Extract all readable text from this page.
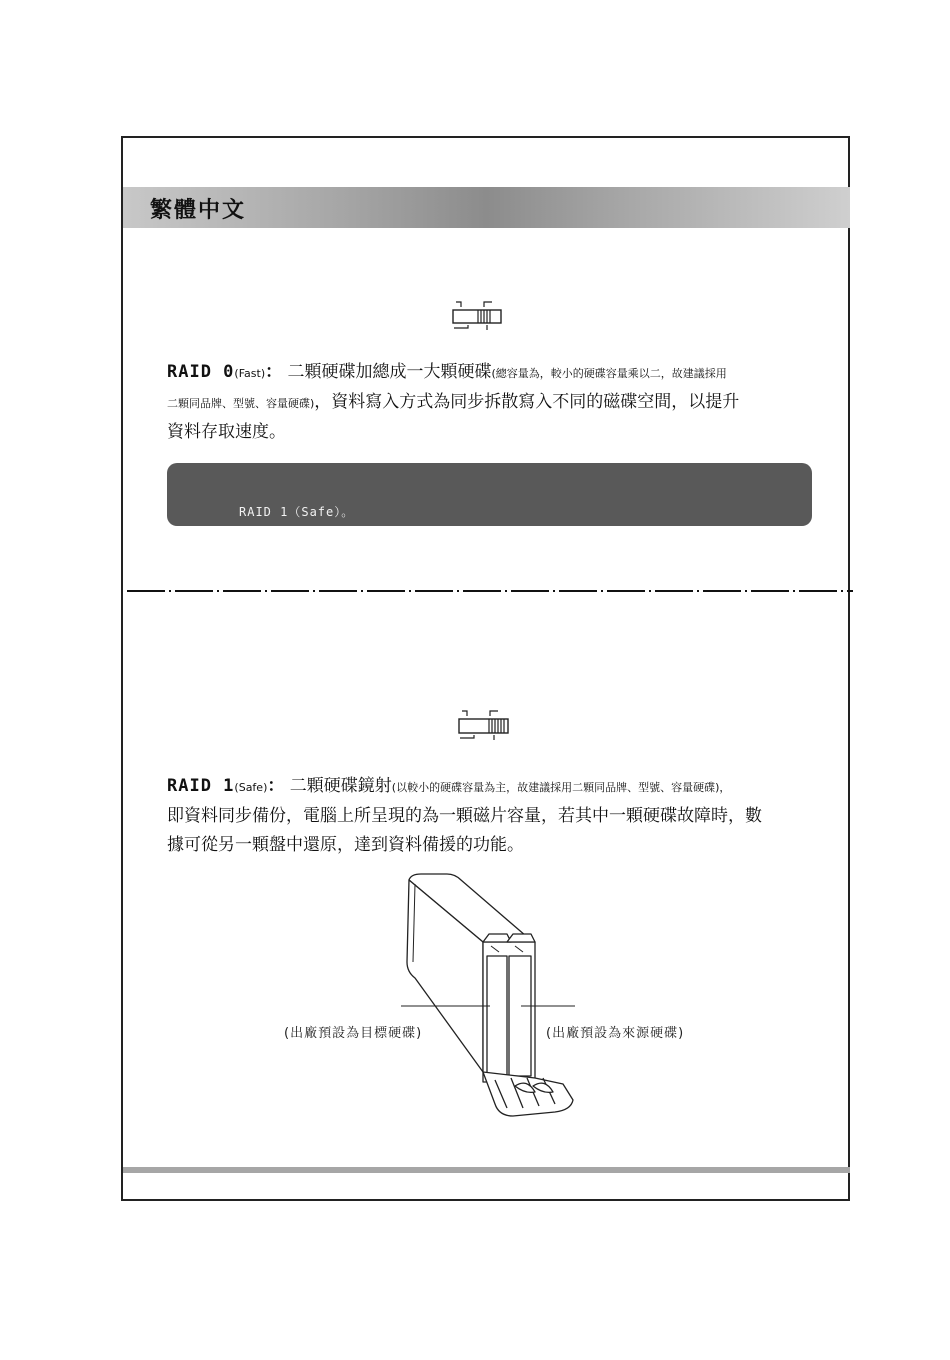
繁體中文
RAID 0(Fast)： 二顆硬碟加總成一大顆硬碟(總容量為，較小的硬碟容量乘以二，故建議採用
二顆同品牌、型號、容量硬碟)，資料寫入方式為同步拆散寫入不同的磁碟空間，以提升
資料存取速度。
RAID 1（Safe）。
RAID 1(Safe)： 二顆硬碟鏡射(以較小的硬碟容量為主，故建議採用二顆同品牌、型號、容量硬碟)，
即資料同步備份，電腦上所呈現的為一顆磁片容量，若其中一顆硬碟故障時，數
據可從另一顆盤中還原，達到資料備援的功能。
(出廠預設為目標硬碟)	(出廠預設為來源硬碟)
